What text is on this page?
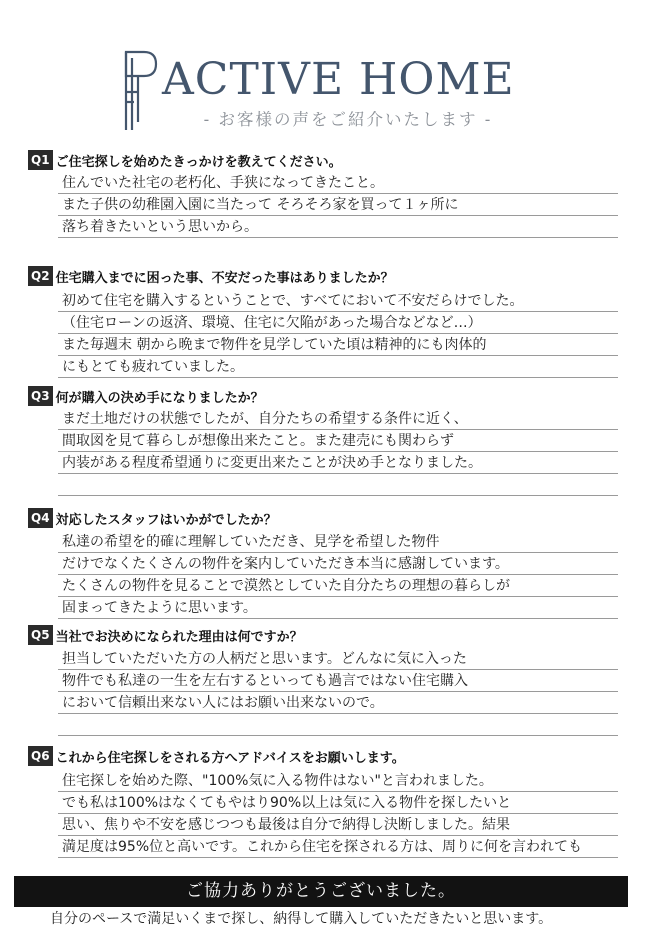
ACTIVE HOME
- お客様の声をご紹介いたします -
Q1 ご住宅探しを始めたきっかけを教えてください。
住んでいた社宅の老朽化、手狭になってきたこと。
また子供の幼稚園入園に当たって そろそろ家を買って１ヶ所に
落ち着きたいという思いから。
Q2 住宅購入までに困った事、不安だった事はありましたか？
初めて住宅を購入するということで、すべてにおいて不安だらけでした。
（住宅ローンの返済、環境、住宅に欠陥があった場合などなど…）
また毎週末 朝から晩まで物件を見学していた頃は精神的にも肉体的
にもとても疲れていました。
Q3 何が購入の決め手になりましたか？
まだ土地だけの状態でしたが、自分たちの希望する条件に近く、
間取図を見て暮らしが想像出来たこと。また建売にも関わらず
内装がある程度希望通りに変更出来たことが決め手となりました。
Q4 対応したスタッフはいかがでしたか？
私達の希望を的確に理解していただき、見学を希望した物件
だけでなくたくさんの物件を案内していただき本当に感謝しています。
たくさんの物件を見ることで漠然としていた自分たちの理想の暮らしが
固まってきたように思います。
Q5 当社でお決めになられた理由は何ですか？
担当していただいた方の人柄だと思います。どんなに気に入った
物件でも私達の一生を左右するといっても過言ではない住宅購入
において信頼出来ない人にはお願い出来ないので。
Q6 これから住宅探しをされる方へアドバイスをお願いします。
住宅探しを始めた際、"100%気に入る物件はない"と言われました。
でも私は100%はなくてもやはり90%以上は気に入る物件を探したいと
思い、焦りや不安を感じつつも最後は自分で納得し決断しました。結果
満足度は95%位と高いです。これから住宅を探される方は、周りに何を言われても
ご協力ありがとうございました。
自分のペースで満足いくまで探し、納得して購入していただきたいと思います。
